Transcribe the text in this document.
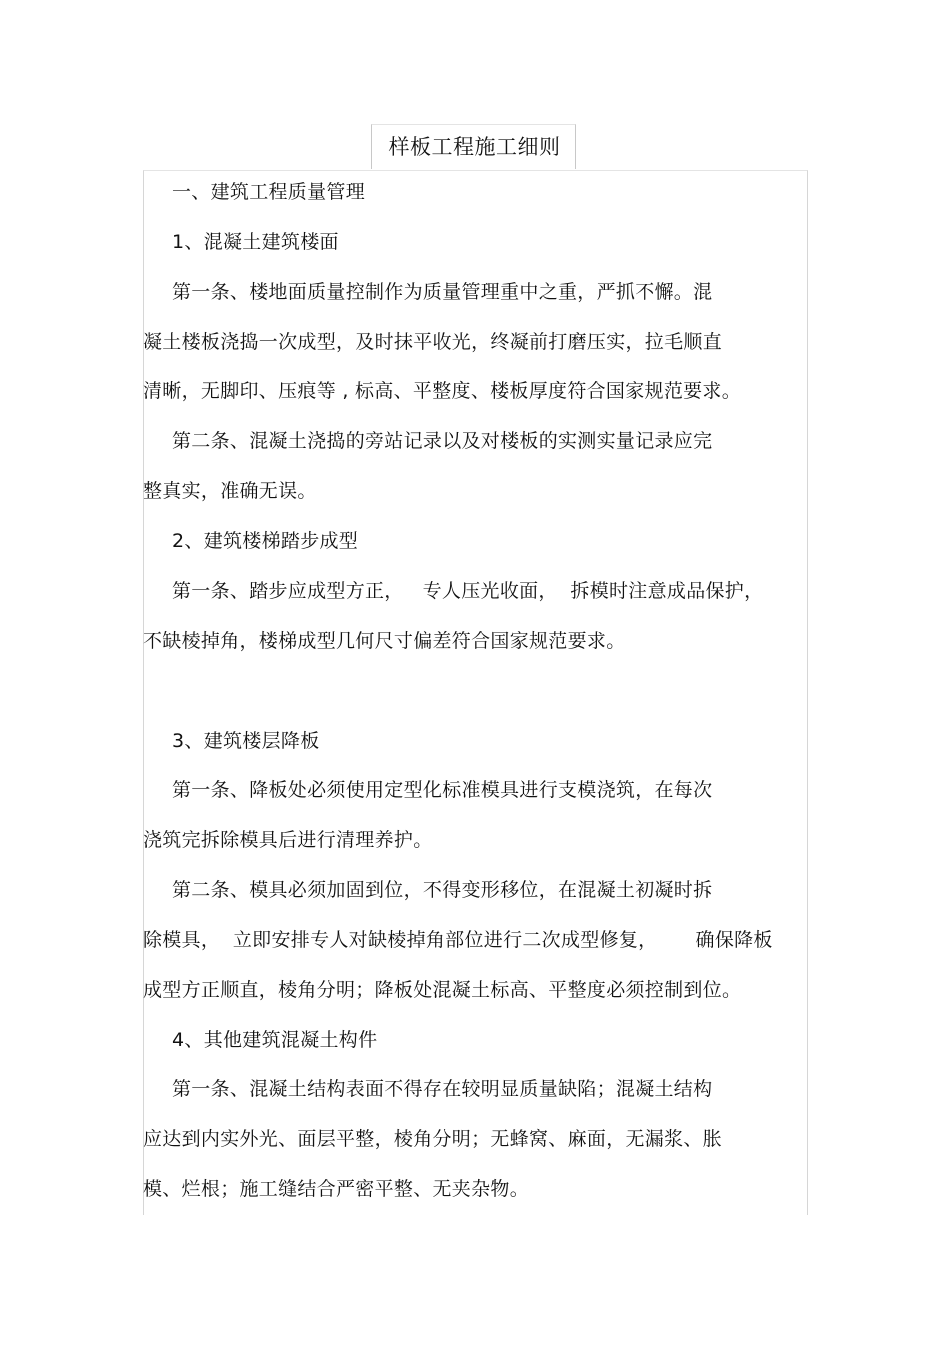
样板工程施工细则
一、建筑工程质量管理
1、混凝土建筑楼面
第一条、楼地面质量控制作为质量管理重中之重，严抓不懈。混
凝土楼板浇捣一次成型，及时抹平收光，终凝前打磨压实，拉毛顺直
清晰，无脚印、压痕等 , 标高、平整度、楼板厚度符合国家规范要求。
第二条、混凝土浇捣的旁站记录以及对楼板的实测实量记录应完
整真实，准确无误。
2、建筑楼梯踏步成型
第一条、踏步应成型方正，   专人压光收面，  拆模时注意成品保护，
不缺棱掉角，楼梯成型几何尺寸偏差符合国家规范要求。
3、建筑楼层降板
第一条、降板处必须使用定型化标准模具进行支模浇筑，在每次
浇筑完拆除模具后进行清理养护。
第二条、模具必须加固到位，不得变形移位，在混凝土初凝时拆
除模具，  立即安排专人对缺棱掉角部位进行二次成型修复，      确保降板
成型方正顺直，棱角分明；降板处混凝土标高、平整度必须控制到位。
4、其他建筑混凝土构件
第一条、混凝土结构表面不得存在较明显质量缺陷；混凝土结构
应达到内实外光、面层平整，棱角分明；无蜂窝、麻面，无漏浆、胀
模、烂根；施工缝结合严密平整、无夹杂物。
